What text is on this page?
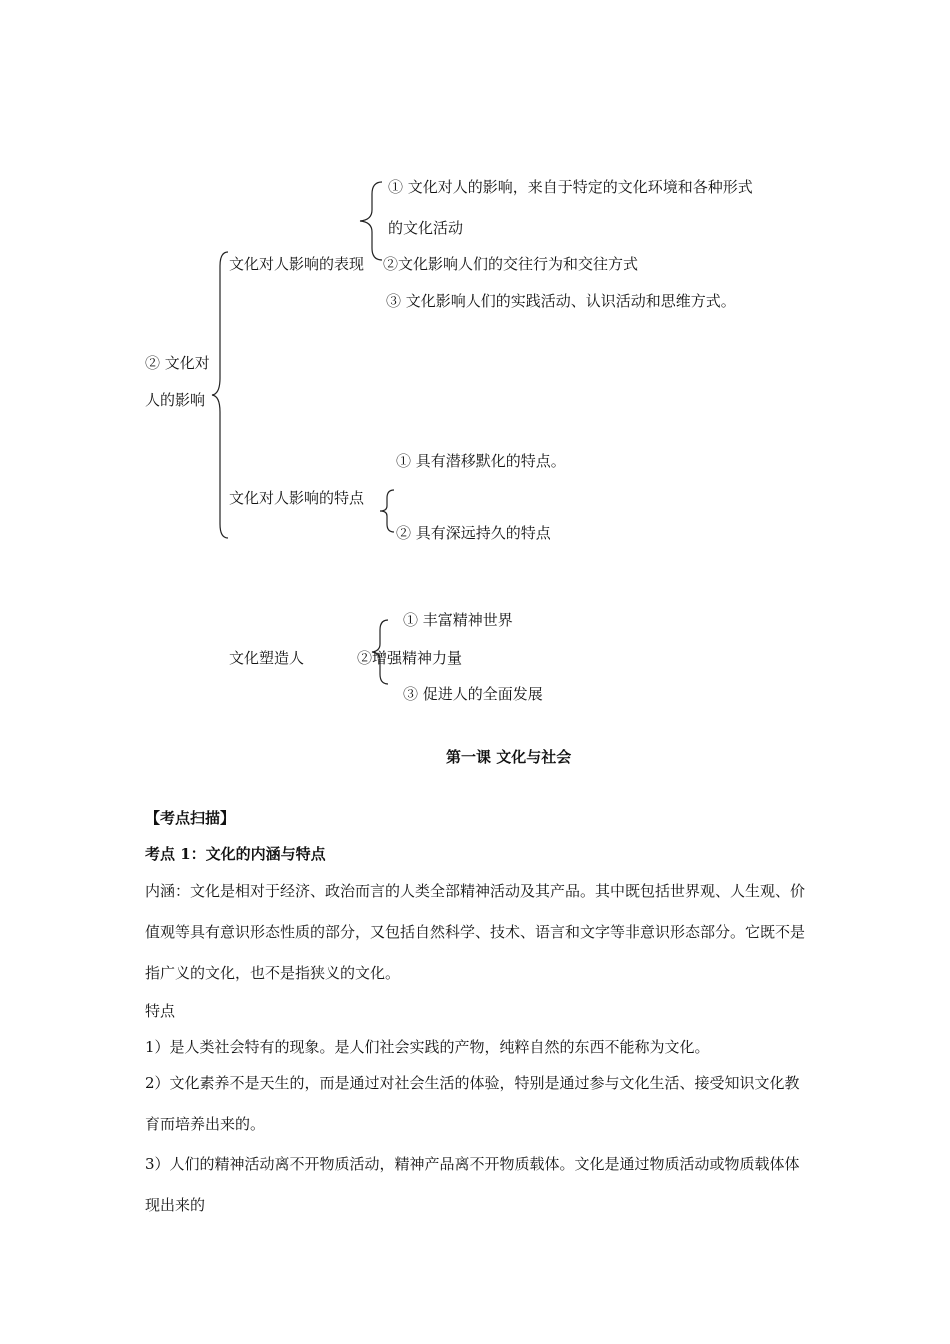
② 文化对
人的影响
文化对人影响的表现
① 文化对人的影响，来自于特定的文化环境和各种形式
的文化活动
②文化影响人们的交往行为和交往方式
③ 文化影响人们的实践活动、认识活动和思维方式。
文化对人影响的特点
① 具有潜移默化的特点。
② 具有深远持久的特点
文化塑造人
① 丰富精神世界
②增强精神力量
③ 促进人的全面发展
第一课 文化与社会
【考点扫描】
考点 1：文化的内涵与特点
内涵：文化是相对于经济、政治而言的人类全部精神活动及其产品。其中既包括世界观、人生观、价值观等具有意识形态性质的部分，又包括自然科学、技术、语言和文字等非意识形态部分。它既不是指广义的文化，也不是指狭义的文化。
特点
1）是人类社会特有的现象。是人们社会实践的产物，纯粹自然的东西不能称为文化。
2）文化素养不是天生的，而是通过对社会生活的体验，特别是通过参与文化生活、接受知识文化教育而培养出来的。
3）人们的精神活动离不开物质活动，精神产品离不开物质载体。文化是通过物质活动或物质载体体现出来的
